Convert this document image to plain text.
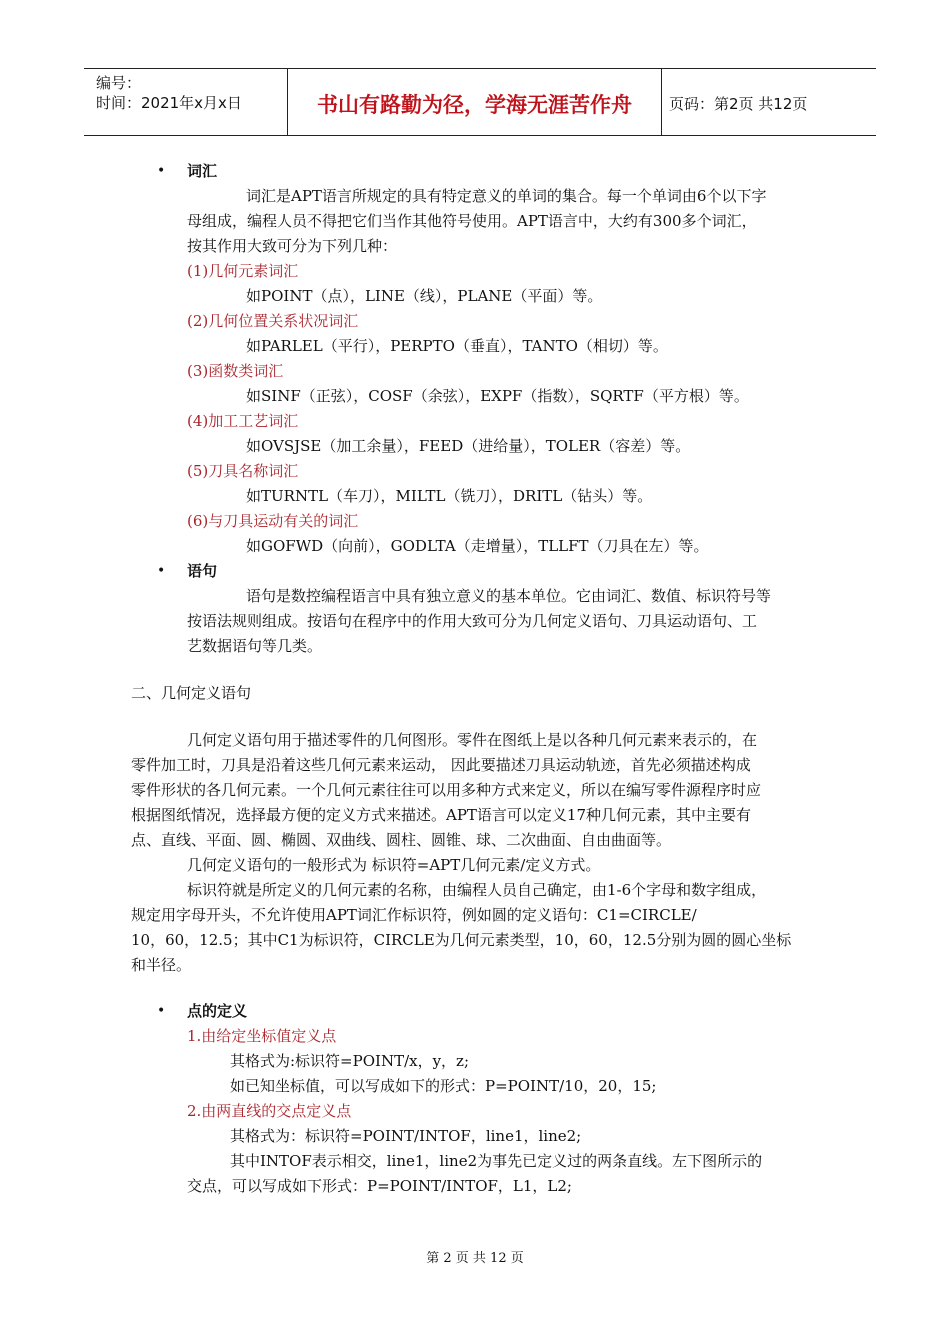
编号：
时间：2021年x月x日	书山有路勤为径，学海无涯苦作舟	页码：第2页 共12页
• 词汇
词汇是APT语言所规定的具有特定意义的单词的集合。每一个单词由6个以下字
母组成，编程人员不得把它们当作其他符号使用。APT语言中，大约有300多个词汇，
按其作用大致可分为下列几种：
(1)几何元素词汇
如POINT（点），LINE（线），PLANE（平面）等。
(2)几何位置关系状况词汇
如PARLEL（平行），PERPTO（垂直），TANTO（相切）等。
(3)函数类词汇
如SINF（正弦），COSF（余弦），EXPF（指数），SQRTF（平方根）等。
(4)加工工艺词汇
如OVSJSE（加工余量），FEED（进给量），TOLER（容差）等。
(5)刀具名称词汇
如TURNTL（车刀），MILTL（铣刀），DRITL（钻头）等。
(6)与刀具运动有关的词汇
如GOFWD（向前），GODLTA（走增量），TLLFT（刀具在左）等。
• 语句
语句是数控编程语言中具有独立意义的基本单位。它由词汇、数值、标识符号等
按语法规则组成。按语句在程序中的作用大致可分为几何定义语句、刀具运动语句、工
艺数据语句等几类。
二、几何定义语句
几何定义语句用于描述零件的几何图形。零件在图纸上是以各种几何元素来表示的，在
零件加工时，刀具是沿着这些几何元素来运动， 因此要描述刀具运动轨迹，首先必须描述构成
零件形状的各几何元素。一个几何元素往往可以用多种方式来定义，所以在编写零件源程序时应
根据图纸情况，选择最方便的定义方式来描述。APT语言可以定义17种几何元素，其中主要有
点、直线、平面、圆、椭圆、双曲线、圆柱、圆锥、球、二次曲面、自由曲面等。
几何定义语句的一般形式为 标识符=APT几何元素/定义方式。
标识符就是所定义的几何元素的名称，由编程人员自己确定，由1-6个字母和数字组成，
规定用字母开头，不允许使用APT词汇作标识符，例如圆的定义语句：C1=CIRCLE/
10，60，12.5；其中C1为标识符，CIRCLE为几何元素类型，10，60，12.5分别为圆的圆心坐标
和半径。
• 点的定义
1.由给定坐标值定义点
其格式为:标识符=POINT/x，y，z;
如已知坐标值，可以写成如下的形式：P=POINT/10，20，15;
2.由两直线的交点定义点
其格式为：标识符=POINT/INTOF，line1，line2;
其中INTOF表示相交，line1，line2为事先已定义过的两条直线。左下图所示的
交点，可以写成如下形式：P=POINT/INTOF，L1，L2;
第 2 页 共 12 页
